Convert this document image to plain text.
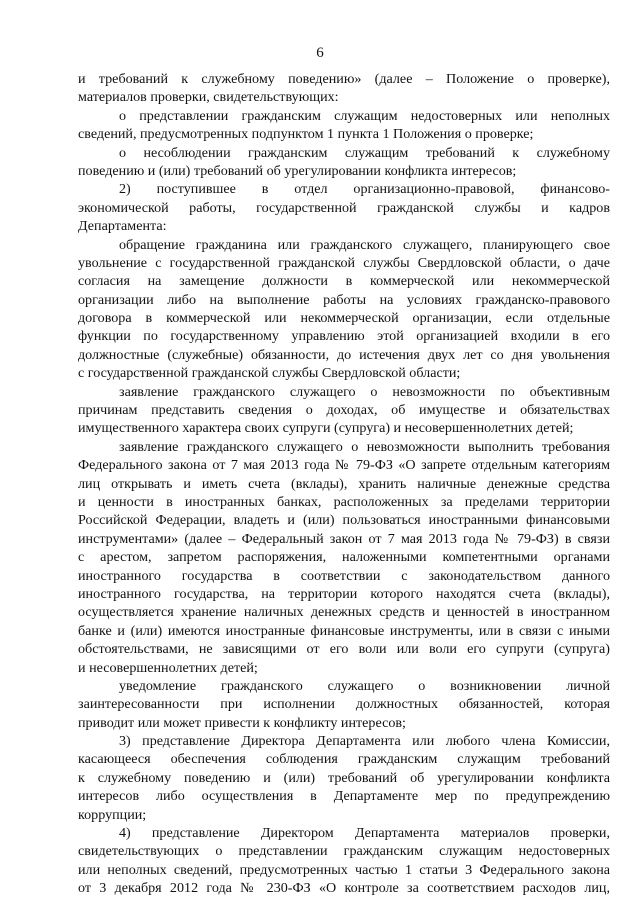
6
и требований к служебному поведению» (далее – Положение о проверке),
материалов проверки, свидетельствующих:
о представлении гражданским служащим недостоверных или неполных
сведений, предусмотренных подпунктом 1 пункта 1 Положения о проверке;
о несоблюдении гражданским служащим требований к служебному
поведению и (или) требований об урегулировании конфликта интересов;
2) поступившее в отдел организационно-правовой, финансово-
экономической работы, государственной гражданской службы и кадров
Департамента:
обращение гражданина или гражданского служащего, планирующего свое
увольнение с государственной гражданской службы Свердловской области, о даче
согласия на замещение должности в коммерческой или некоммерческой
организации либо на выполнение работы на условиях гражданско-правового
договора в коммерческой или некоммерческой организации, если отдельные
функции по государственному управлению этой организацией входили в его
должностные (служебные) обязанности, до истечения двух лет со дня увольнения
с государственной гражданской службы Свердловской области;
заявление гражданского служащего о невозможности по объективным
причинам представить сведения о доходах, об имуществе и обязательствах
имущественного характера своих супруги (супруга) и несовершеннолетних детей;
заявление гражданского служащего о невозможности выполнить требования
Федерального закона от 7 мая 2013 года № 79-ФЗ «О запрете отдельным категориям
лиц открывать и иметь счета (вклады), хранить наличные денежные средства
и ценности в иностранных банках, расположенных за пределами территории
Российской Федерации, владеть и (или) пользоваться иностранными финансовыми
инструментами» (далее – Федеральный закон от 7 мая 2013 года № 79-ФЗ) в связи
с арестом, запретом распоряжения, наложенными компетентными органами
иностранного государства в соответствии с законодательством данного
иностранного государства, на территории которого находятся счета (вклады),
осуществляется хранение наличных денежных средств и ценностей в иностранном
банке и (или) имеются иностранные финансовые инструменты, или в связи с иными
обстоятельствами, не зависящими от его воли или воли его супруги (супруга)
и несовершеннолетних детей;
уведомление гражданского служащего о возникновении личной
заинтересованности при исполнении должностных обязанностей, которая
приводит или может привести к конфликту интересов;
3) представление Директора Департамента или любого члена Комиссии,
касающееся обеспечения соблюдения гражданским служащим требований
к служебному поведению и (или) требований об урегулировании конфликта
интересов либо осуществления в Департаменте мер по предупреждению
коррупции;
4) представление Директором Департамента материалов проверки,
свидетельствующих о представлении гражданским служащим недостоверных
или неполных сведений, предусмотренных частью 1 статьи 3 Федерального закона
от 3 декабря 2012 года № 230-ФЗ «О контроле за соответствием расходов лиц,
